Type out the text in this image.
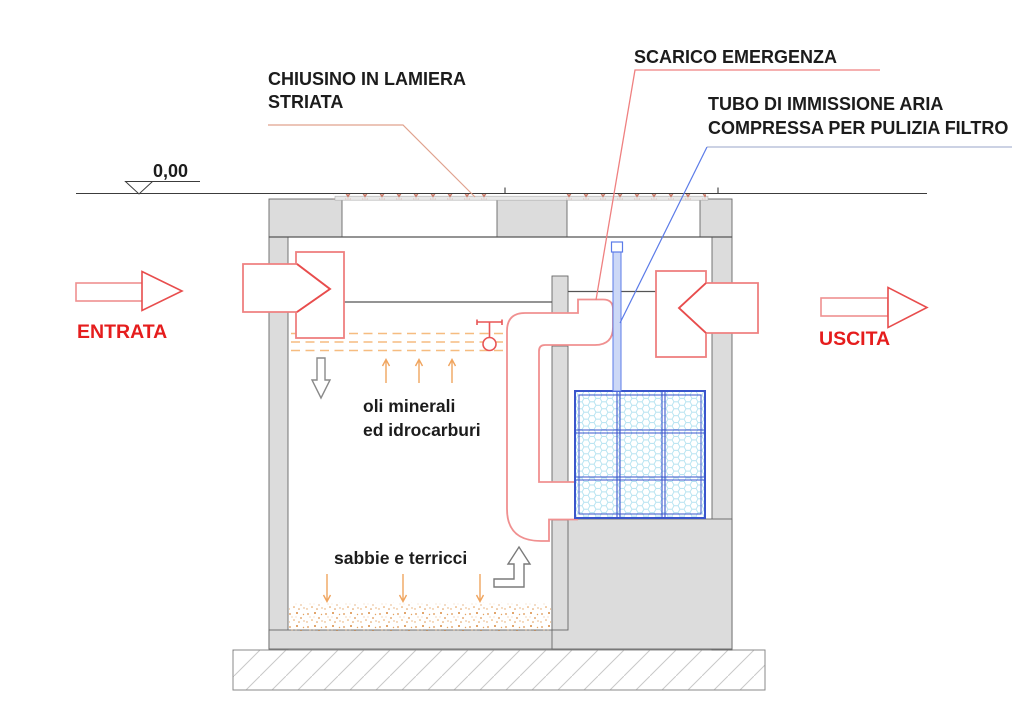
CHIUSINO IN LAMIERA
STRIATA
SCARICO EMERGENZA
TUBO DI IMMISSIONE ARIA
COMPRESSA PER PULIZIA FILTRO
0,00
ENTRATA	USCITA
oli minerali
ed idrocarburi
sabbie e terricci
